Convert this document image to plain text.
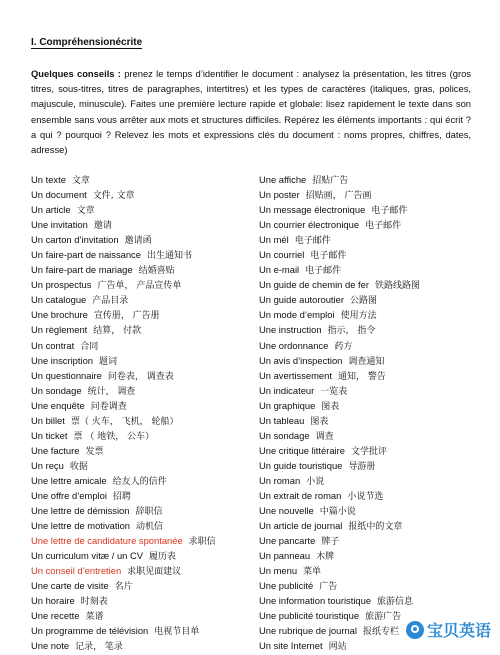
I. Compréhensionécrite
Quelques conseils : prenez le temps d’identifier le document : analysez la présentation, les titres (gros titres, sous-titres, titres de paragraphes, intertitres) et les types de caractères (italiques, gras, polices, majuscule, minuscule). Faites une première lecture rapide et globale: lisez rapidement le texte dans son ensemble sans vous arrêter aux mots et structures difficiles. Repérez les éléments importants : qui écrit ? a qui ? pourquoi ? Relevez les mots et expressions clés du document : noms propres, chiffres, dates, adresse)
Un texte 文章
Un document 文件, 文章
Un article 文章
Une invitation 邀请
Un carton d’invitation 邀请函
Un faire-part de naissance 出生通知书
Un faire-part de mariage 结婚喜贴
Un prospectus 广告单， 产品宣传单
Un catalogue 产品目录
Une brochure 宣传册， 广告册
Un règlement 结算， 付款
Un contrat 合同
Une inscription 题词
Un questionnaire 问卷表， 调查表
Un sondage 统计， 调查
Une enquête 问卷调查
Un billet 票（ 火车， 飞机， 轮船）
Un ticket 票 （ 地铁， 公车）
Une facture 发票
Un reçu 收据
Une lettre amicale 给友人的信件
Une offre d’emploi 招聘
Une lettre de démission 辞职信
Une lettre de motivation 动机信
Une lettre de candidature spontanée 求职信
Un curriculum vitæ / un CV 履历表
Un conseil d’entretien 求职见面建议
Une carte de visite 名片
Un horaire 时刻表
Une recette 菜谱
Un programme de télévision 电视节目单
Une note 记录， 笔录
Une affiche 招贴广告
Un poster 招贴画， 广告画
Un message électronique 电子邮件
Un courrier électronique 电子邮件
Un mél 电子邮件
Un courriel 电子邮件
Un e-mail 电子邮件
Un guide de chemin de fer 铁路线路图
Un guide autoroutier 公路图
Un mode d’emploi 使用方法
Une instruction 指示， 指令
Une ordonnance 药方
Un avis d’inspection 调查通知
Un avertissement 通知， 警告
Un indicateur 一览表
Un graphique 图表
Un tableau 图表
Un sondage 调查
Une critique littéraire 文学批评
Un guide touristique 导游册
Un roman 小说
Un extrait de roman 小说节选
Une nouvelle 中篇小说
Un article de journal 报纸中的文章
Une pancarte 牌子
Un panneau 木牌
Un menu 菜单
Une publicité 广告
Une information touristique 旅游信息
Une publicité touristique 旅游广告
Une rubrique de journal 报纸专栏
Un site Internet 网站
宝贝英语
